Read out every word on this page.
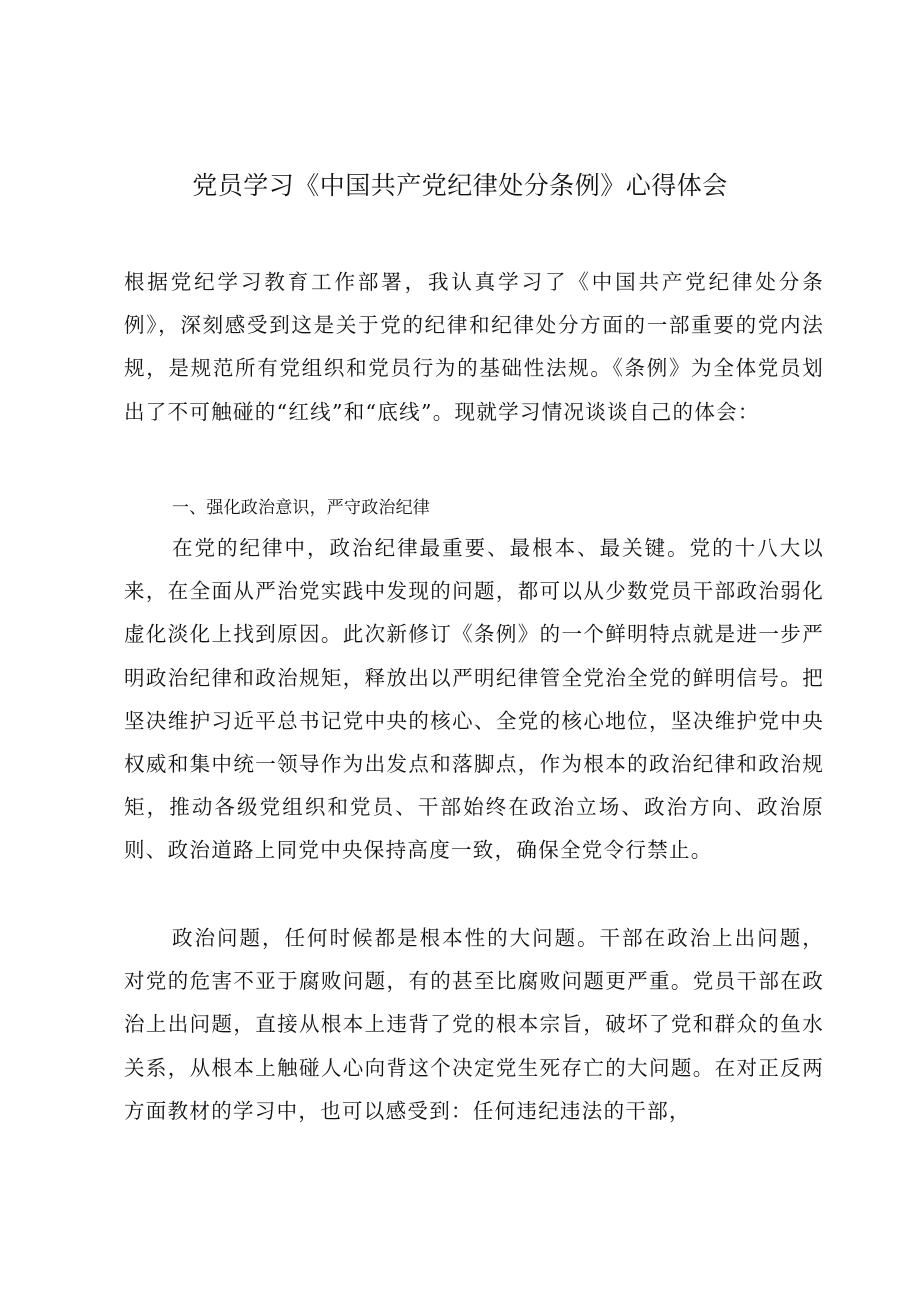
党员学习《中国共产党纪律处分条例》心得体会

根据党纪学习教育工作部署，我认真学习了《中国共产党纪律处分条例》，深刻感受到这是关于党的纪律和纪律处分方面的一部重要的党内法规，是规范所有党组织和党员行为的基础性法规。《条例》为全体党员划出了不可触碰的“红线”和“底线”。现就学习情况谈谈自己的体会：

一、强化政治意识，严守政治纪律

在党的纪律中，政治纪律最重要、最根本、最关键。党的十八大以来，在全面从严治党实践中发现的问题，都可以从少数党员干部政治弱化虚化淡化上找到原因。此次新修订《条例》的一个鲜明特点就是进一步严明政治纪律和政治规矩，释放出以严明纪律管全党治全党的鲜明信号。把坚决维护习近平总书记党中央的核心、全党的核心地位，坚决维护党中央权威和集中统一领导作为出发点和落脚点，作为根本的政治纪律和政治规矩，推动各级党组织和党员、干部始终在政治立场、政治方向、政治原则、政治道路上同党中央保持高度一致，确保全党令行禁止。

政治问题，任何时候都是根本性的大问题。干部在政治上出问题，对党的危害不亚于腐败问题，有的甚至比腐败问题更严重。党员干部在政治上出问题，直接从根本上违背了党的根本宗旨，破坏了党和群众的鱼水关系，从根本上触碰人心向背这个决定党生死存亡的大问题。在对正反两方面教材的学习中，也可以感受到：任何违纪违法的干部，
